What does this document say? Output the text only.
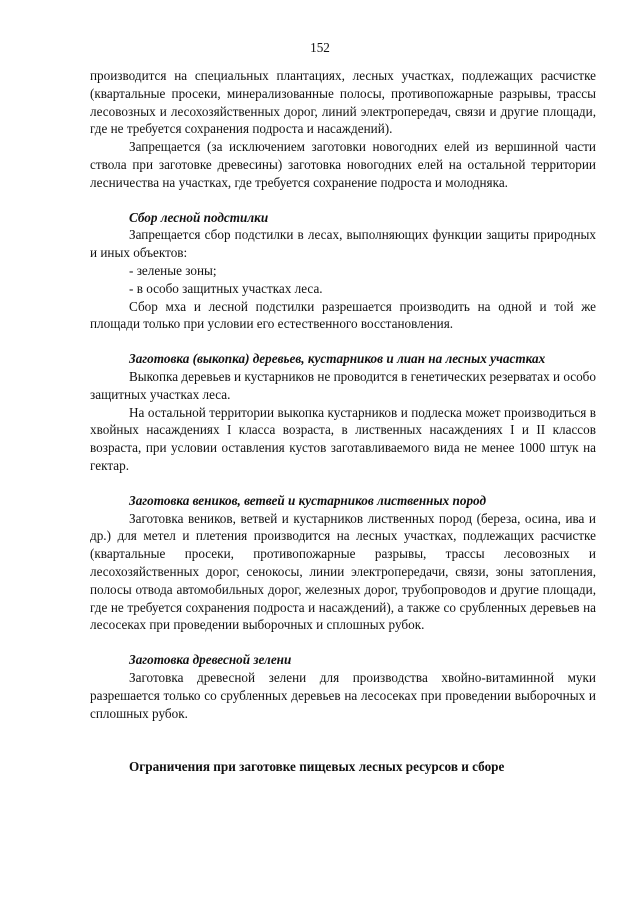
152

производится на специальных плантациях, лесных участках, подлежащих расчистке (квартальные просеки, минерализованные полосы, противопожарные разрывы, трассы лесовозных и лесохозяйственных дорог, линий электропередач, связи и другие площади, где не требуется сохранения подроста и насаждений).

Запрещается (за исключением заготовки новогодних елей из вершинной части ствола при заготовке древесины) заготовка новогодних елей на остальной территории лесничества на участках, где требуется сохранение подроста и молодняка.

Сбор лесной подстилки

Запрещается сбор подстилки в лесах, выполняющих функции защиты природных и иных объектов:

- зеленые зоны;

- в особо защитных участках леса.

Сбор мха и лесной подстилки разрешается производить на одной и той же площади только при условии его естественного восстановления.

Заготовка (выкопка) деревьев, кустарников и лиан на лесных участках

Выкопка деревьев и кустарников не проводится в генетических резерватах и особо защитных участках леса.

На остальной территории выкопка кустарников и подлеска может производиться в хвойных насаждениях I класса возраста, в лиственных насаждениях I и II классов возраста, при условии оставления кустов заготавливаемого вида не менее 1000 штук на гектар.

Заготовка веников, ветвей и кустарников лиственных пород

Заготовка веников, ветвей и кустарников лиственных пород (береза, осина, ива и др.) для метел и плетения производится на лесных участках, подлежащих расчистке (квартальные просеки, противопожарные разрывы, трассы лесовозных и лесохозяйственных дорог, сенокосы, линии электропередачи, связи, зоны затопления, полосы отвода автомобильных дорог, железных дорог, трубопроводов и другие площади, где не требуется сохранения подроста и насаждений), а также со срубленных деревьев на лесосеках при проведении выборочных и сплошных рубок.

Заготовка древесной зелени

Заготовка древесной зелени для производства хвойно-витаминной муки разрешается только со срубленных деревьев на лесосеках при проведении выборочных и сплошных рубок.

Ограничения при заготовке пищевых лесных ресурсов и сборе
